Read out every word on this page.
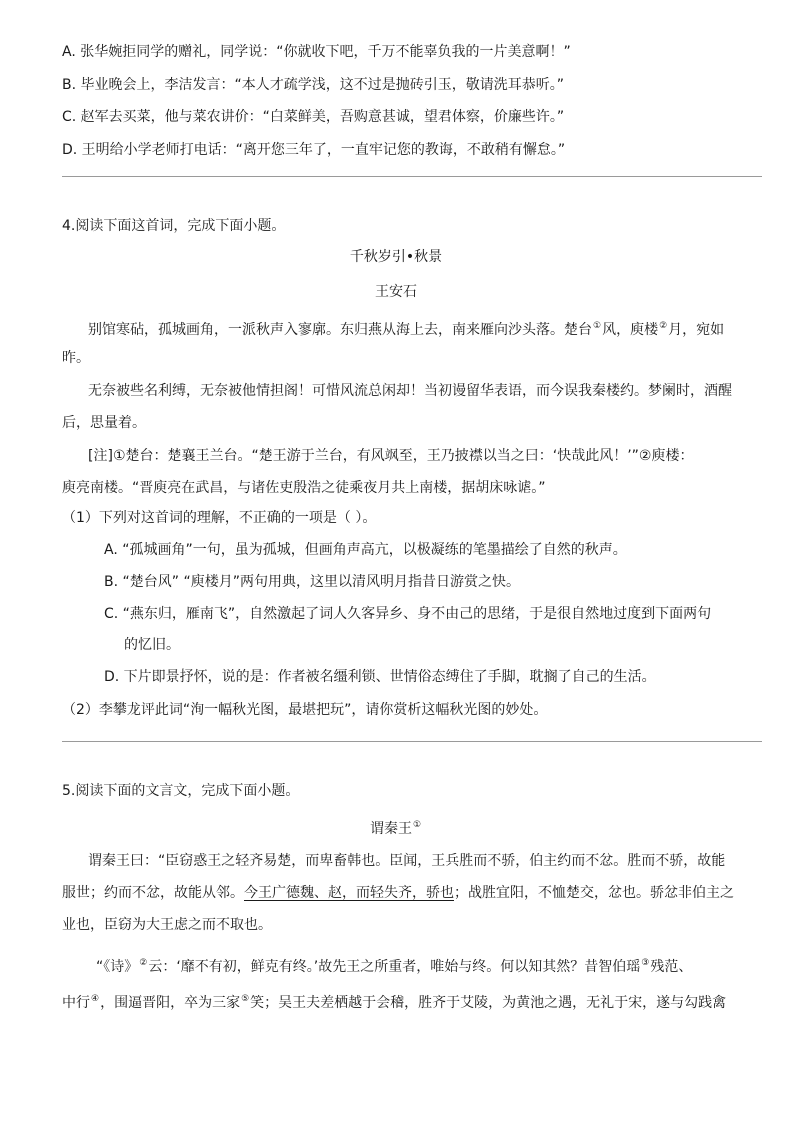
A. 张华婉拒同学的赠礼，同学说：“你就收下吧，千万不能辜负我的一片美意啊！”
B. 毕业晚会上，李洁发言：“本人才疏学浅，这不过是抛砖引玉，敬请洗耳恭听。”
C. 赵军去买菜，他与菜农讲价：“白菜鲜美，吾购意甚诚，望君体察，价廉些许。”
D. 王明给小学老师打电话：“离开您三年了，一直牢记您的教诲，不敢稍有懈怠。”
4.阅读下面这首词，完成下面小题。
千秋岁引•秋景
王安石
别馆寒砧，孤城画角，一派秋声入寥廓。东归燕从海上去，南来雁向沙头落。楚台①风，庾楼②月，宛如
昨。
无奈被些名利缚，无奈被他情担阁！可惜风流总闲却！当初谩留华表语，而今误我秦楼约。梦阑时，酒醒
后，思量着。
[注]①楚台：楚襄王兰台。“楚王游于兰台，有风飒至，王乃披襟以当之曰：‘快哉此风！’”②庾楼：
庾亮南楼。“晋庾亮在武昌，与诸佐吏殷浩之徒乘夜月共上南楼，据胡床咏谑。”
（1）下列对这首词的理解，不正确的一项是（ ）。
A. “孤城画角”一句，虽为孤城，但画角声高亢，以极凝练的笔墨描绘了自然的秋声。
B. “楚台风” “庾楼月”两句用典，这里以清风明月指昔日游赏之快。
C. “燕东归，雁南飞”，自然激起了词人久客异乡、身不由己的思绪，于是很自然地过度到下面两句
的忆旧。
D. 下片即景抒怀，说的是：作者被名缰利锁、世情俗态缚住了手脚，耽搁了自己的生活。
（2）李攀龙评此词“洵一幅秋光图，最堪把玩”，请你赏析这幅秋光图的妙处。
5.阅读下面的文言文，完成下面小题。
谓秦王①
谓秦王曰：“臣窃惑王之轻齐易楚，而卑畜韩也。臣闻，王兵胜而不骄，伯主约而不忿。胜而不骄，故能
服世；约而不忿，故能从邻。今王广德魏、赵，而轻失齐，骄也；战胜宜阳，不恤楚交，忿也。骄忿非伯主之
业也，臣窃为大王虑之而不取也。
“《诗》②云：‘靡不有初，鲜克有终。’故先王之所重者，唯始与终。何以知其然？昔智伯瑶③残范、
中行④，围逼晋阳，卒为三家⑤笑；吴王夫差栖越于会稽，胜齐于艾陵，为黄池之遇，无礼于宋，遂与勾践禽
